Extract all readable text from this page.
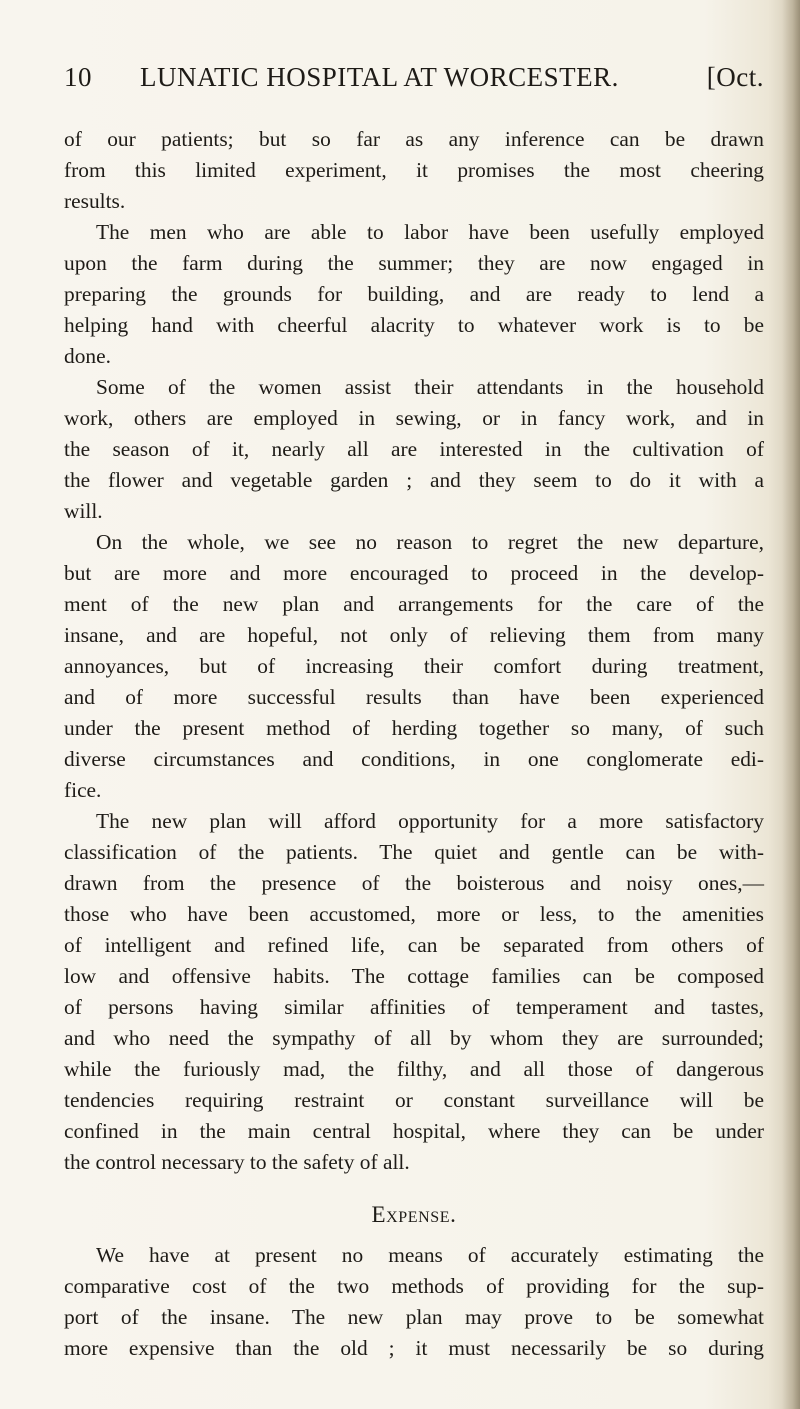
10 LUNATIC HOSPITAL AT WORCESTER.	[Oct.
of our patients; but so far as any inference can be drawn
from this limited experiment, it promises the most cheering
results.
The men who are able to labor have been usefully employed
upon the farm during the summer; they are now engaged in
preparing the grounds for building, and are ready to lend a
helping hand with cheerful alacrity to whatever work is to be
done.
Some of the women assist their attendants in the household
work, others are employed in sewing, or in fancy work, and in
the season of it, nearly all are interested in the cultivation of
the flower and vegetable garden ; and they seem to do it with a
will.
On the whole, we see no reason to regret the new departure,
but are more and more encouraged to proceed in the develop-
ment of the new plan and arrangements for the care of the
insane, and are hopeful, not only of relieving them from many
annoyances, but of increasing their comfort during treatment,
and of more successful results than have been experienced
under the present method of herding together so many, of such
diverse circumstances and conditions, in one conglomerate edi-
fice.
The new plan will afford opportunity for a more satisfactory
classification of the patients. The quiet and gentle can be with-
drawn from the presence of the boisterous and noisy ones,—
those who have been accustomed, more or less, to the amenities
of intelligent and refined life, can be separated from others of
low and offensive habits. The cottage families can be composed
of persons having similar affinities of temperament and tastes,
and who need the sympathy of all by whom they are surrounded;
while the furiously mad, the filthy, and all those of dangerous
tendencies requiring restraint or constant surveillance will be
confined in the main central hospital, where they can be under
the control necessary to the safety of all.
Expense.
We have at present no means of accurately estimating the
comparative cost of the two methods of providing for the sup-
port of the insane. The new plan may prove to be somewhat
more expensive than the old ; it must necessarily be so during
